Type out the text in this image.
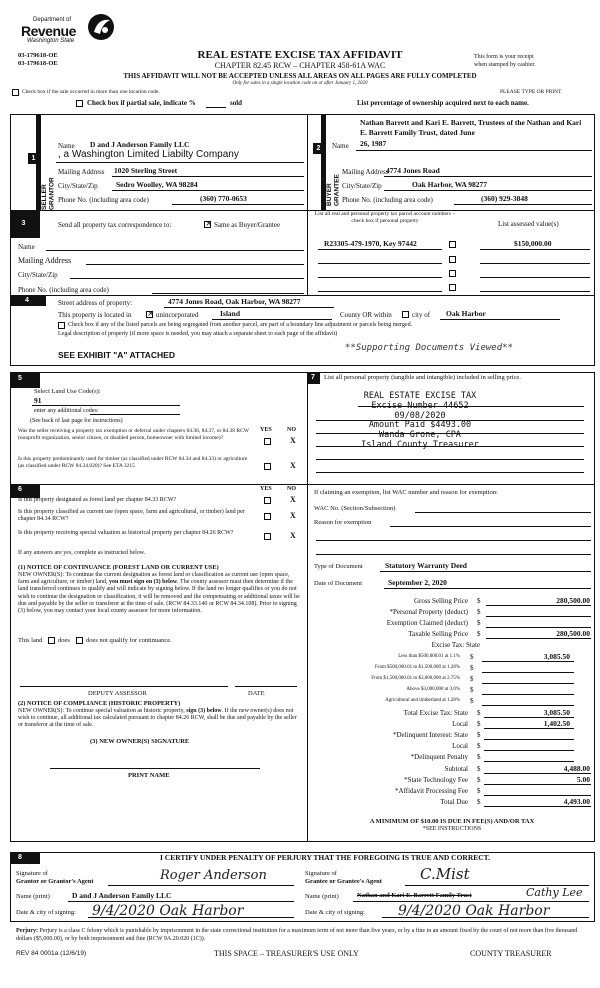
Department of
Revenue
Washington State
03-179618-OE
03-179618-OE
REAL ESTATE EXCISE TAX AFFIDAVIT
CHAPTER 82.45 RCW – CHAPTER 458-61A WAC
THIS AFFIDAVIT WILL NOT BE ACCEPTED UNLESS ALL AREAS ON ALL PAGES ARE FULLY COMPLETED
Only for sales in a single location code on or after January 1, 2020
This form is your receipt
when stamped by cashier.
PLEASE TYPE OR PRINT
Check box if the sale occurred in more than one location code.
Check box if partial sale, indicate %	sold	List percentage of ownership acquired next to each name.
1
SELLER GRANTOR
Name D and J Anderson Family LLC
, a Washington Limited Liabilty Company
Mailing Address 1020 Sterling Street
City/State/Zip Sedro Woolley, WA 98284
Phone No. (including area code)	(360) 770-0653
2
BUYER GRANTEE
Nathan Barrett and Kari E. Barrett, Trustees of the Nathan and Kari E. Barrett Family Trust, dated June
Name 26, 1987
Mailing Address
4774 Jones Road
City/State/Zip	Oak Harbor, WA 98277
Phone No. (including area code)	(360) 929-3848
3	Send all property tax correspondence to: ×	Same as Buyer/Grantee
List all real and personal property tax parcel account numbers – check box if personal property	List assessed value(s)
Name
Mailing Address
City/State/Zip
Phone No. (including area code)
R23305-479-1970, Key 97442	$150,000.00
4	Street address of property:	4774 Jones Road, Oak Harbor, WA 98277
This property is located in ×	unincorporated	Island	County OR within	city of Oak Harbor
Check box if any of the listed parcels are being segregated from another parcel, are part of a boundary line adjustment or parcels being merged.
Legal description of property (if more space is needed, you may attach a separate sheet to each page of the affidavit)
SEE EXHIBIT "A" ATTACHED
**Supporting Documents Viewed**
5
Select Land Use Code(s):
91
enter any additional codes:
(See back of last page for instructions)
YES	NO
Was the seller receiving a property tax exemption or deferral under chapters 84.36, 84.37, or 84.38 RCW (nonprofit organization, senior citizen, or disabled person, homeowner with limited income)?	X
Is this property predominantly used for timber (as classified under RCW 84.34 and 84.33) or agriculture (as classified under RCW 84.34.020)? See ETA 3215	X
6	YES	NO
Is this property designated as forest land per chapter 84.33 RCW?	X
Is this property classified as current use (open space, farm and agricultural, or timber) land per chapter 84.34 RCW?	X
Is this property receiving special valuation as historical property per chapter 84.26 RCW?	X
If any answers are yes, complete as instructed below.
(1) NOTICE OF CONTINUANCE (FOREST LAND OR CURRENT USE)
NEW OWNER(S): To continue the current designation as forest land or classification as current use (open space, farm and agriculture, or timber) land, you must sign on (3) below. The county assessor must then determine if the land transferred continues to qualify and will indicate by signing below. If the land no longer qualifies or you do not wish to continue the designation or classification, it will be removed and the compensating or additional taxes will be due and payable by the seller or transferor at the time of sale. (RCW 84.33.140 or RCW 84.34.108). Prior to signing (3) below, you may contact your local county assessor for more information.
This land does does not qualify for continuance.
DEPUTY ASSESSOR	DATE
(2) NOTICE OF COMPLIANCE (HISTORIC PROPERTY)
NEW OWNER(S): To continue special valuation as historic property, sign (3) below. If the new owner(s) does not wish to continue, all additional tax calculated pursuant to chapter 84.26 RCW, shall be due and payable by the seller or transferor at the time of sale.
(3) NEW OWNER(S) SIGNATURE
PRINT NAME
7	List all personal property (tangible and intangible) included in selling price.
REAL ESTATE EXCISE TAX
Excise Number 44652
09/08/2020
Amount Paid $4493.00
Wanda Grone, CPA
Island County Treasurer
If claiming an exemption, list WAC number and reason for exemption:
WAC No. (Section/Subsection)
Reason for exemption
Type of Document	Statutory Warranty Deed
Date of Document	September 2, 2020
Gross Selling Price $	280,500.00
*Personal Property (deduct) $
Exemption Claimed (deduct) $
Taxable Selling Price $	280,500.00
Excise Tax: State
Less than $500,000.01 at 1.1% $	3,085.50
From $500,000.01 to $1,500,000 at 1.28% $
From $1,500,000.01 to $3,000,000 at 2.75% $
Above $3,000,000 at 3.0% $
Agricultural and timberland at 1.28% $
Total Excise Tax: State $	3,085.50
Local $	1,402.50
*Delinquent Interest: State $
Local $
*Delinquent Penalty $
Subtotal $	4,488.00
*State Technology Fee $	5.00
*Affidavit Processing Fee $
Total Due $	4,493.00
A MINIMUM OF $10.00 IS DUE IN FEE(S) AND/OR TAX
*SEE INSTRUCTIONS
8	I CERTIFY UNDER PENALTY OF PERJURY THAT THE FOREGOING IS TRUE AND CORRECT.
Signature of
Grantor or Grantor's Agent	Roger Anderson	Signature of
Grantee or Grantee's Agent	C.Mist
Name (print)	D and J Anderson Family LLC	Name (print)	Nathan and Kari E. Barrett Family Trust	Cathy Lee
Date & city of signing: 9/4/2020 Oak Harbor	Date & city of signing: 9/4/2020 Oak Harbor
Perjury: Perjury is a class C felony which is punishable by imprisonment in the state correctional institution for a maximum term of not more than five years, or by a fine in an amount fixed by the court of not more than five thousand dollars ($5,000.00), or by both imprisonment and fine (RCW 9A.20.020 (1C)).
REV 84 0001a (12/6/19)	THIS SPACE – TREASURER'S USE ONLY	COUNTY TREASURER
